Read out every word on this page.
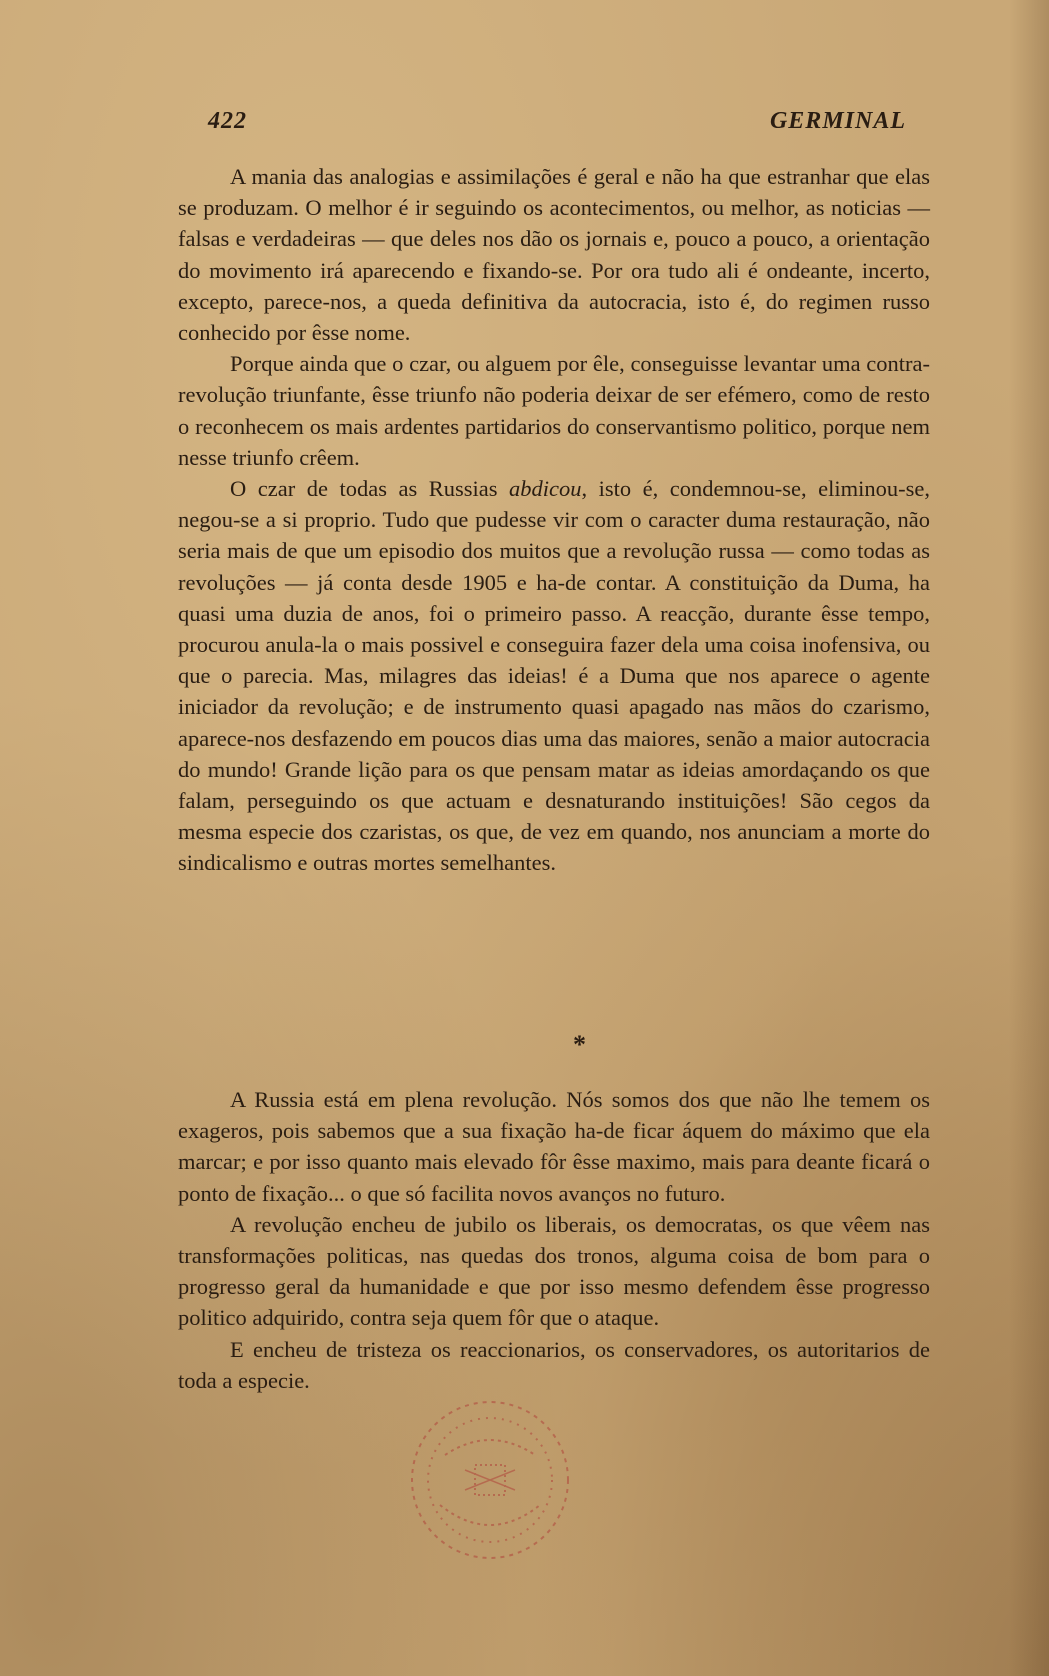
422	GERMINAL

A mania das analogias e assimilações é geral e não ha que estranhar que elas se produzam. O melhor é ir seguindo os acontecimentos, ou melhor, as noticias — falsas e verdadeiras — que deles nos dão os jornais e, pouco a pouco, a orientação do movimento irá aparecendo e fixando-se. Por ora tudo ali é ondeante, incerto, excepto, parece-nos, a queda definitiva da autocracia, isto é, do regimen russo conhecido por êsse nome.

Porque ainda que o czar, ou alguem por êle, conseguisse levantar uma contra-revolução triunfante, êsse triunfo não poderia deixar de ser efémero, como de resto o reconhecem os mais ardentes partidarios do conservantismo politico, porque nem nesse triunfo crêem.

O czar de todas as Russias abdicou, isto é, condemnou-se, eliminou-se, negou-se a si proprio. Tudo que pudesse vir com o caracter duma restauração, não seria mais de que um episodio dos muitos que a revolução russa — como todas as revoluções — já conta desde 1905 e ha-de contar. A constituição da Duma, ha quasi uma duzia de anos, foi o primeiro passo. A reacção, durante êsse tempo, procurou anula-la o mais possivel e conseguira fazer dela uma coisa inofensiva, ou que o parecia. Mas, milagres das ideias! é a Duma que nos aparece o agente iniciador da revolução; e de instrumento quasi apagado nas mãos do czarismo, aparece-nos desfazendo em poucos dias uma das maiores, senão a maior autocracia do mundo! Grande lição para os que pensam matar as ideias amordaçando os que falam, perseguindo os que actuam e desnaturando instituições! São cegos da mesma especie dos czaristas, os que, de vez em quando, nos anunciam a morte do sindicalismo e outras mortes semelhantes.

*

A Russia está em plena revolução. Nós somos dos que não lhe temem os exageros, pois sabemos que a sua fixação ha-de ficar áquem do máximo que ela marcar; e por isso quanto mais elevado fôr êsse maximo, mais para deante ficará o ponto de fixação... o que só facilita novos avanços no futuro.

A revolução encheu de jubilo os liberais, os democratas, os que vêem nas transformações politicas, nas quedas dos tronos, alguma coisa de bom para o progresso geral da humanidade e que por isso mesmo defendem êsse progresso politico adquirido, contra seja quem fôr que o ataque.

E encheu de tristeza os reaccionarios, os conservadores, os autoritarios de toda a especie.
